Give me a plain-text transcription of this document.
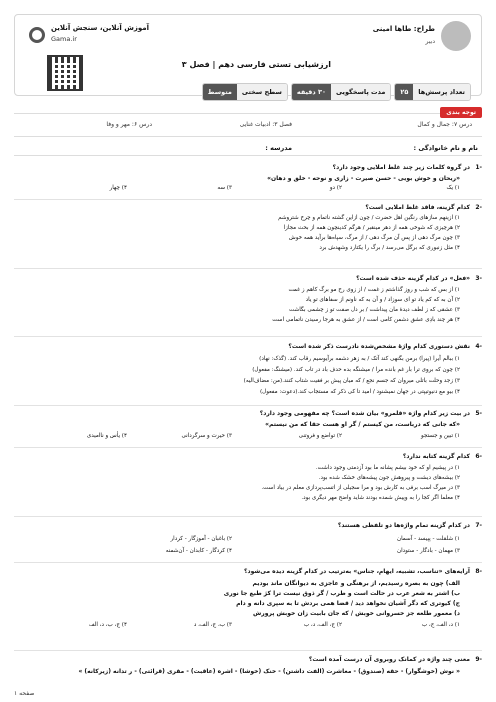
طراح: طاها امینی
دبیر
آموزش آنلاین، سنجش آنلاین
Gama.ir
ارزشیابی تستی فارسی دهم | فصل ۳
تعداد پرسش‌ها
۲۵
مدت پاسخگویی
۳۰ دقیقه
سطح سختی
متوسط
درس ۷: جمال و کمال
فصل ۳: ادبیات غنایی
درس ۶: مهر و وفا
توجه بندی
نام و نام خانوادگی :
مدرسه :
1-
در گروه کلمات زیر چند غلط املایی وجود دارد؟
«ریحان و خوش بویی - حسن صیرت - زاری و نوحه - خلق و دهان»
۱) یک
۲) دو
۳) سه
۴) چهار
2-
کدام گزینه، فاقد غلط املایی است؟
۱) ازینهم سازهای رنگین اهل حضرت / چون ازاین گشته ناتمام و چرخ شتروشم
۲) هرچیزی که شوخی همه از دهر مینقبر / هرگم کدینچون همه از بحث مجازا
۳) چون مرگ دهی از پس آن مرگ دهی / از مرگ، سپاه‌ها برآید همه خوش
۴) مثل زنبوری که برگل می‌رسد / برگ را یکتارد وشهدش برد
3-
«فعل» در کدام گزینه حذف شده است؟
۱) از بس که شب و روز گذاشتم ز غمت / از زوی رخ مو برگ کاهم ز غمت
۲) آن به که کم یاد تو ای سوزاد / و آن به که ناونم از سفاهای تو یاد
۳) عشقی که ز لطف دیدۀ مان پیداشت / بر دل صفت تو ز چشمی بگاشت
۴) هر چند بادِی عشق دشمن کامی است / از عشق به هرجا رسیدن ناتمامی است
4-
نقش دستوری کدام واژۀ مشخص‌شده نادرست ذکر شده است؟
۱) ببالم آیرا (پیرا) برمن بگنهی کند آتک / به زهر دشمه برآیوسیم رقاب کند. (گذک: نهاد)
۲) چون که بروی ترا بار غم بانده مرا / میشنگه بده حدف باد در تاب کند. (میشنگ: مفعول)
۳) زجد وحلت باتلی میروان که جسم نجع / که میان پیش بر فقیت شتاب کنند.(من: مضاف‌الیه)
۴) بیو مع دنیوتیپتی در جهان نمیشنود / امید تا کی ذکر که مستجاب کند.(دعوت: مفعول)
5-
در بیت زیر کدام واژه «قلمرو» بیان شده است؟ چه مفهومی وجود دارد؟
«که جانی که درباست، من کیستم / گر او هست حقا که من نیستم»
۱) تبین و جستجو
۲) تواضع و فروتنی
۳) حیرت و سرگردانی
۴) یأس و ناامیدی
6-
کدام گزینه کتابه ندارد؟
۱) در پیشیم او که خود بیشم پشانه ما بود آزدمتی وجود داشت.
۲) بیشه‌های دیشت و پیروهش جون پیشه‌های خشک شده بود.
۳) در میرگ اسب برفی به کارش بود و مرا سجیلی از اتسب‌پردازی معلم در بیاد است.
۴) معلما اگر کجا را به وپیش شمده بودند شاید واضح مهر دیگری بود.
7-
در کدام گزینه تمام واژه‌ها دو تلفظی هستند؟
۱) شلقلت - پپیسد - آسمان
۲) باغبان - آموزگار - کردار
۳) مهمان - بادگار - ستودان
۴) کردگار - کابدان - آن‌شمنه
8-
آرایه‌های «تناسب، تشبیه، ایهام، جناس» به‌ترتیب در کدام گزینه دیده می‌شود؟
الف) چون به بصره رسیدیم، از برهنگی و عاجزی به دیوانگان ماند بودیم
ب) اشتر به شعر عرب در حالت است و طرب / گر ذوق نیست ترا کژ طبع جا نوری
ج) کیوتری که دگر آشیان نخواهد دید / قضا همی بردش تا به سپری دانه و دام
د) معمور طلعه جز خسروانی خوبش / که جان بابیت زان خوبش پرورش
۱) د، الف، ج، ب
۲) ج، الف، د، ب
۳) ب، ج، الف، د
۴) ج، ب، د، الف
9-
معنی چند واژه در کمانک روبروی آن درست آمده است؟
« نوش (خوشگوار) - حقه (صندوق) - مغاشرت (الفت داشتن) - خنک (خوشا) - اشره (عاقبت) - مقری (قرائتی) - ر تدانه (زیرکانه) »
صفحه ۱
